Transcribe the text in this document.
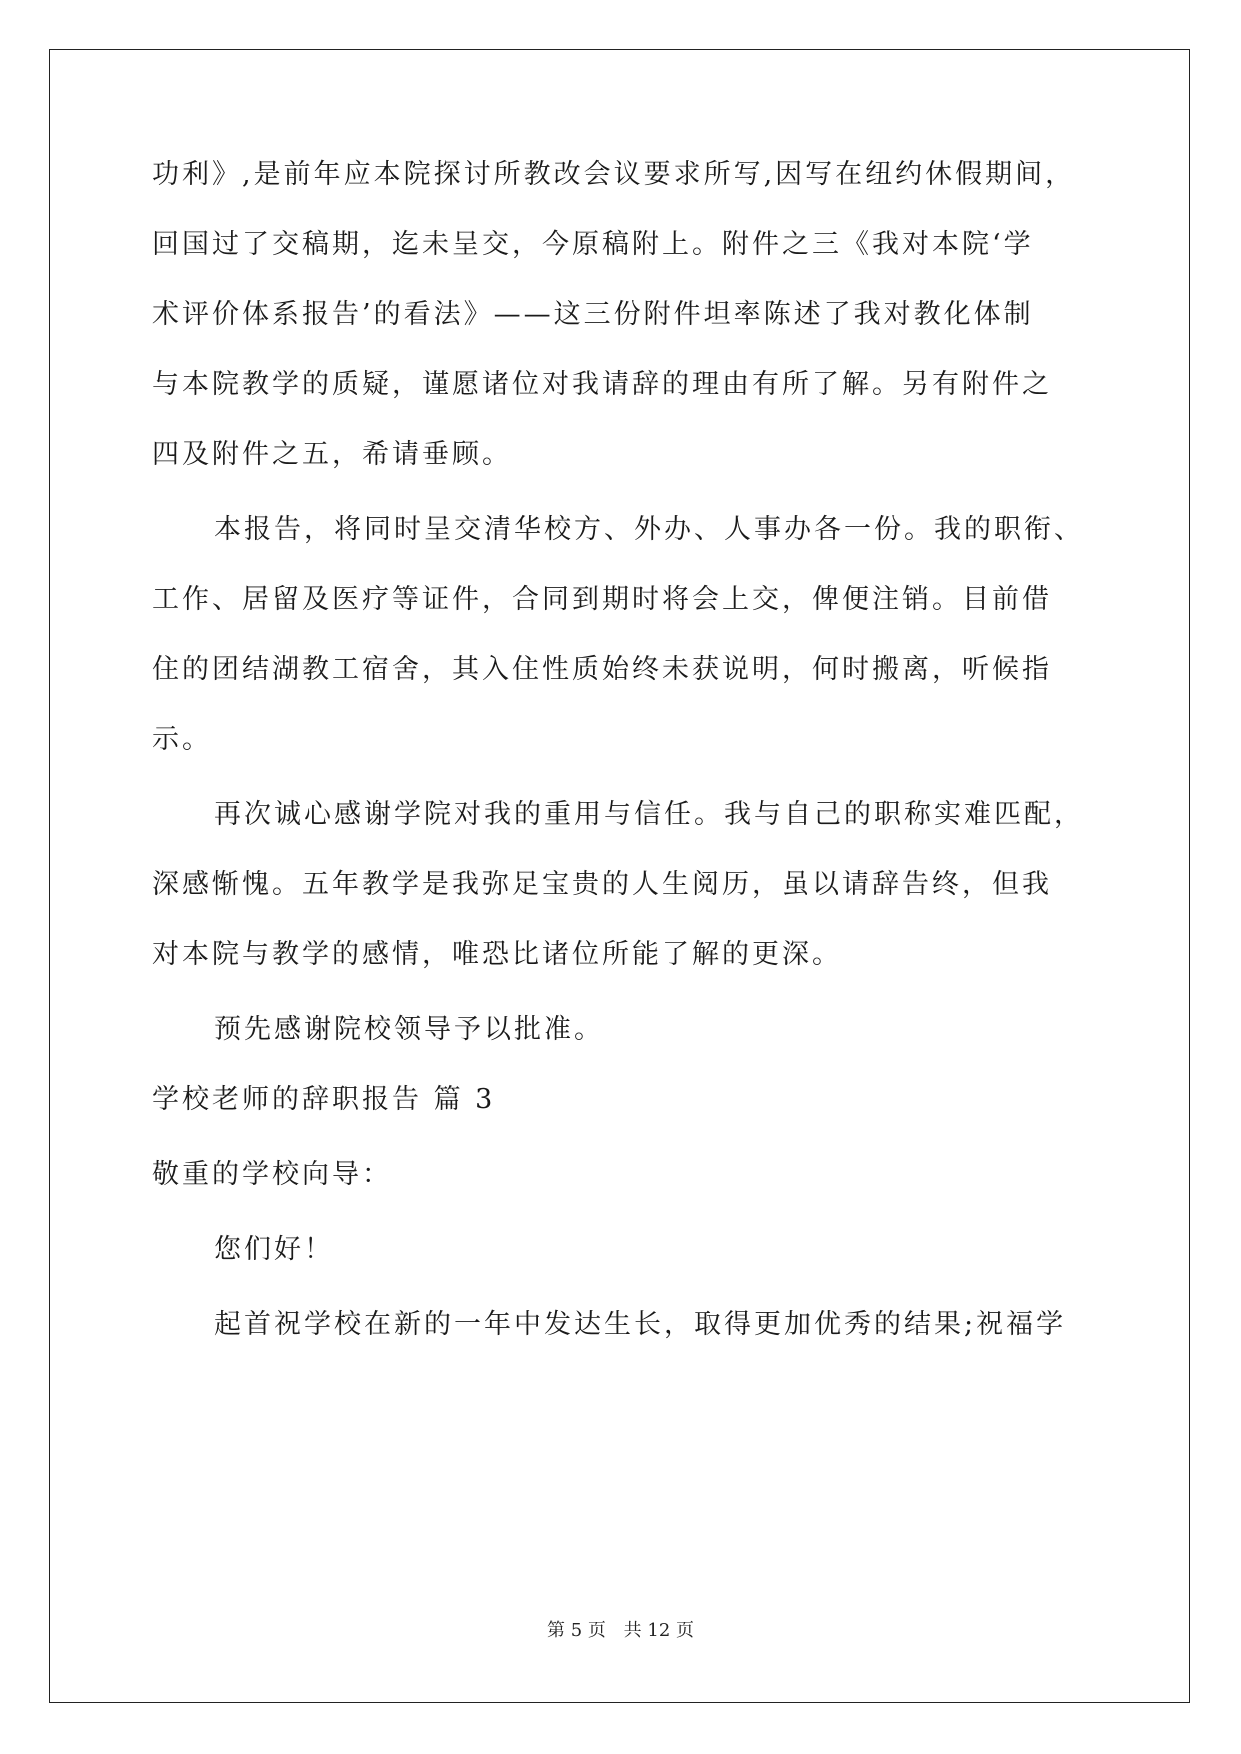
功利》,是前年应本院探讨所教改会议要求所写,因写在纽约休假期间，
回国过了交稿期，迄未呈交，今原稿附上。附件之三《我对本院‘学
术评价体系报告’的看法》——这三份附件坦率陈述了我对教化体制
与本院教学的质疑，谨愿诸位对我请辞的理由有所了解。另有附件之
四及附件之五，希请垂顾。
本报告，将同时呈交清华校方、外办、人事办各一份。我的职衔、
工作、居留及医疗等证件，合同到期时将会上交，俾便注销。目前借
住的团结湖教工宿舍，其入住性质始终未获说明，何时搬离，听候指
示。
再次诚心感谢学院对我的重用与信任。我与自己的职称实难匹配，
深感惭愧。五年教学是我弥足宝贵的人生阅历，虽以请辞告终，但我
对本院与教学的感情，唯恐比诸位所能了解的更深。
预先感谢院校领导予以批准。
学校老师的辞职报告 篇 3
敬重的学校向导：
您们好！
起首祝学校在新的一年中发达生长，取得更加优秀的结果;祝福学
第 5 页 共 12 页
